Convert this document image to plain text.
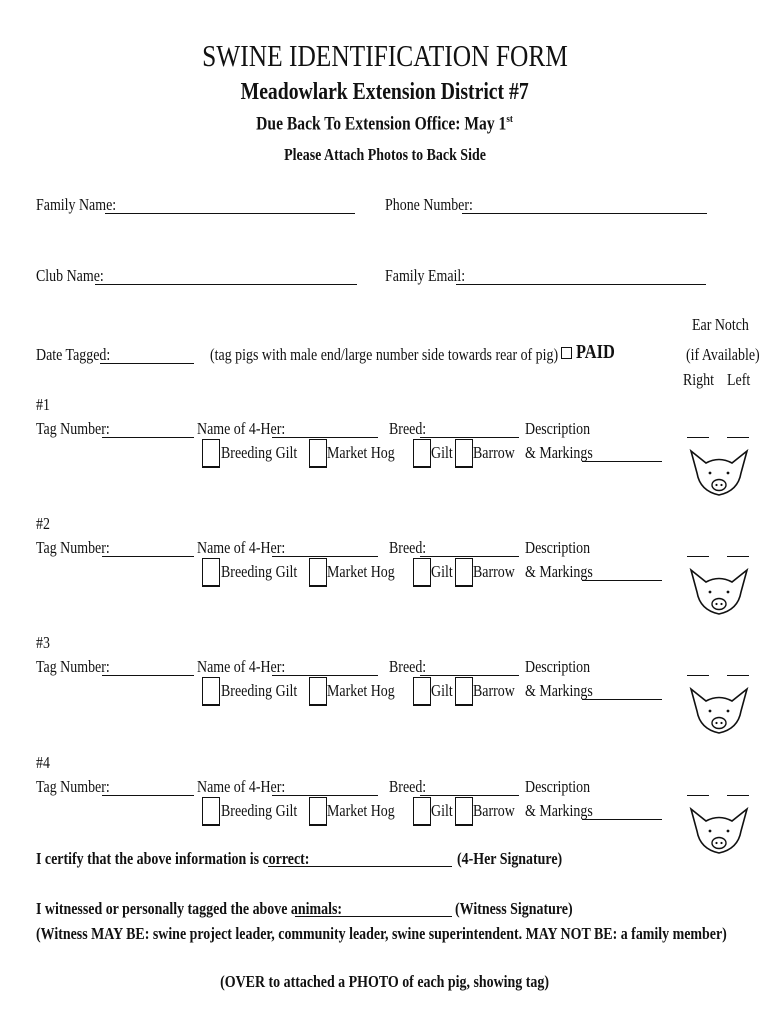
SWINE IDENTIFICATION FORM
Meadowlark Extension District #7
Due Back To Extension Office: May 1st
Please Attach Photos to Back Side
Family Name:	Phone Number:
Club Name:	Family Email:
Date Tagged:	(tag pigs with male end/large number side towards rear of pig) PAID
Ear Notch
(if Available)
Right Left
#1
Tag Number:	Name of 4-Her:	Breed:	Description
& Markings
Breeding Gilt	Market Hog	Gilt Barrow
#2
Tag Number:	Name of 4-Her:	Breed:	Description
& Markings
Breeding Gilt	Market Hog	Gilt Barrow
#3
Tag Number:	Name of 4-Her:	Breed:	Description
& Markings
Breeding Gilt	Market Hog	Gilt Barrow
#4
Tag Number:	Name of 4-Her:	Breed:	Description
& Markings
Breeding Gilt	Market Hog	Gilt Barrow
I certify that the above information is correct:	(4-Her Signature)
I witnessed or personally tagged the above animals:	(Witness Signature)
(Witness MAY BE: swine project leader, community leader, swine superintendent. MAY NOT BE: a family member)
(OVER to attached a PHOTO of each pig, showing tag)
